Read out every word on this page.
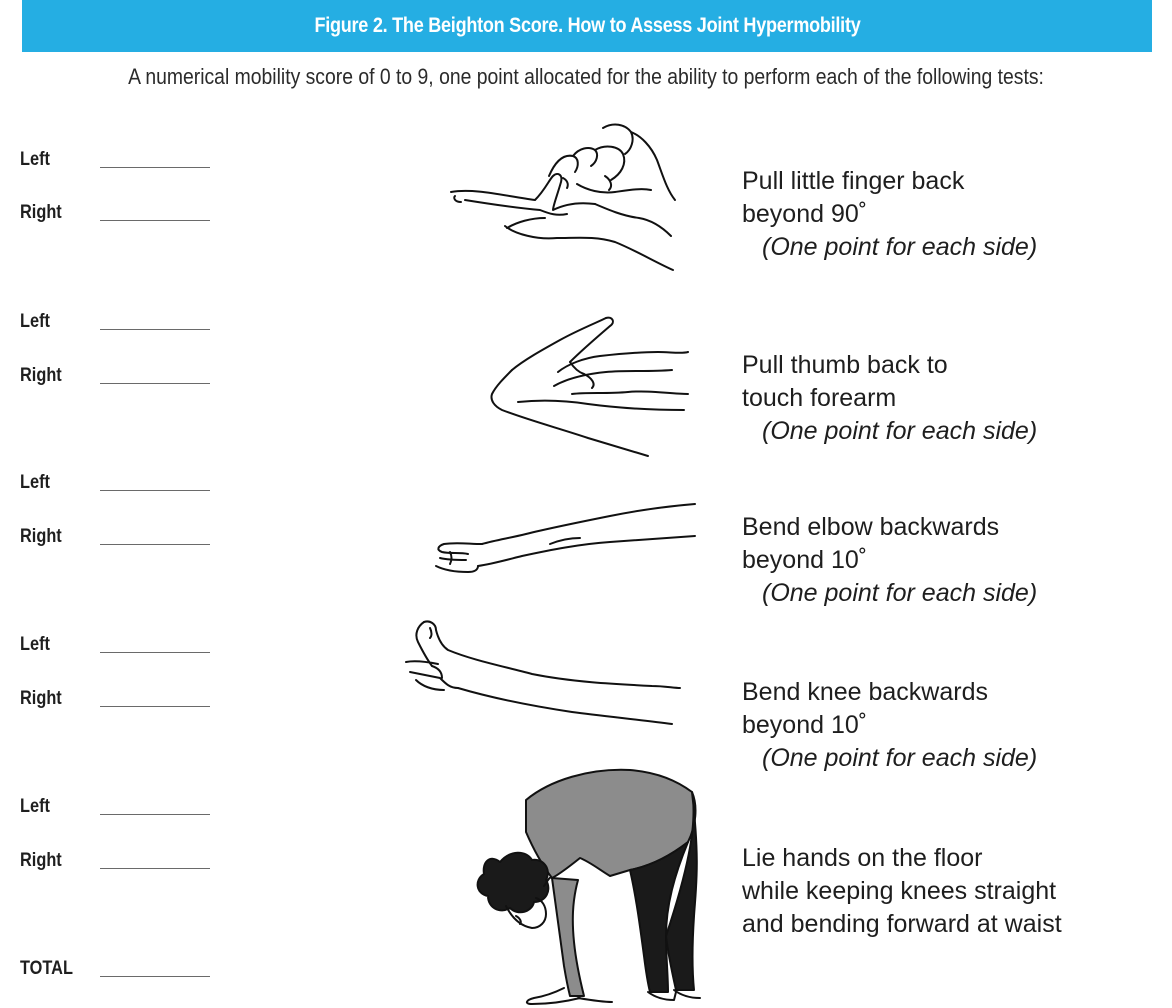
Figure 2. The Beighton Score. How to Assess Joint Hypermobility
A numerical mobility score of 0 to 9, one point allocated for the ability to perform each of the following tests:
Left
Right
Left
Right
Left
Right
Left
Right
Left
Right
TOTAL
Pull little finger back
beyond 90˚
(One point for each side)
Pull thumb back to
touch forearm
(One point for each side)
Bend elbow backwards
beyond 10˚
(One point for each side)
Bend knee backwards
beyond 10˚
(One point for each side)
Lie hands on the floor
while keeping knees straight
and bending forward at waist
